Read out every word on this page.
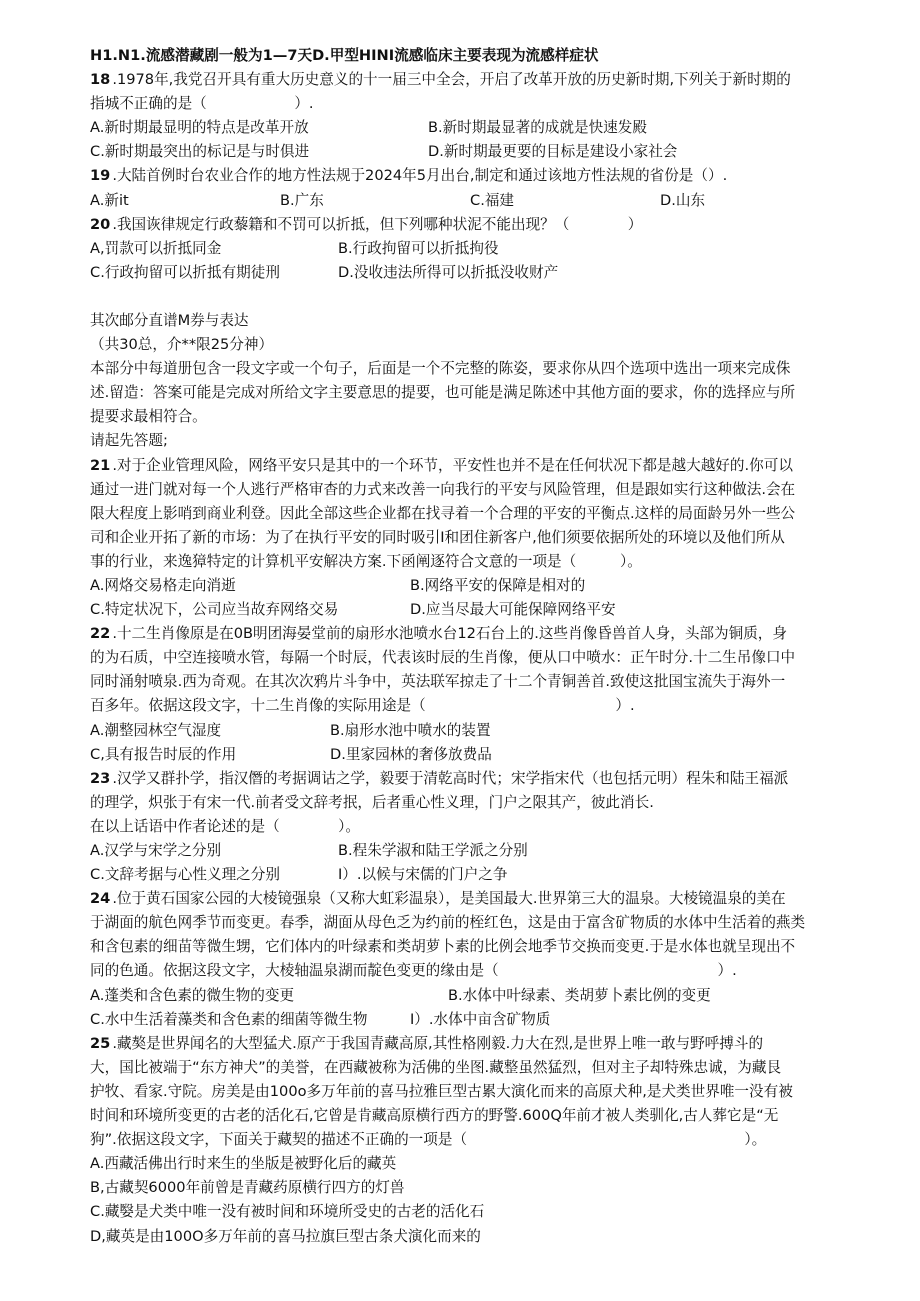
H1.N1.流感潜藏剧一般为1—7天D.甲型HINI流感临床主要表现为流感样症状
18 .1978年,我党召开具有重大历史意义的十一届三中全会，开启了改革开放的历史新时期,下列关于新时期的
指城不正确的是（　　　　　　）.
A.新时期最显明的特点是改革开放	B.新时期最显著的成就是快速发殿
C.新时期最突出的标记是与时俱进	D.新时期最更要的目标是建设小家社会
19 .大陆首例时台农业合作的地方性法规于2024年5月出台,制定和通过该地方性法规的省份是（）.
A.新it	B.广东	C.福建	D.山东
20 .我国诙律规定行政藜籍和不罚可以折抵，但下列哪种状泥不能出现？（　　　　）
A,罚款可以折抵同金	B.行政拘留可以折抵拘役
C.行政拘留可以折抵有期徒刑	D.没收违法所得可以折抵没收财产
其次邮分直谱M券与表达
（共30总，介**限25分神）
本部分中每道册包含一段文字或一个句子，后面是一个不完整的陈姿，要求你从四个选项中选出一项来完成侏
述.留造：答案可能是完成对所给文字主要意思的提要，也可能是满足陈述中其他方面的要求，你的选择应与所
提要求最相符合。
请起先答题;
21 .对于企业管理风险，网络平安只是其中的一个环节，平安性也并不是在任何状况下都是越大越好的.你可以
通过一进门就对每一个人逃行严格审杳的力式来改善一向我行的平安与风险管理，但是跟如实行这种做法.会在
限大程度上影哨到商业利登。因此全部这些企业都在找寻着一个合理的平安的平衡点.这样的局面龄另外一些公
司和企业开拓了新的市场：为了在执行平安的同时吸引I和团住新客户,他们须要依据所处的环境以及他们所从
事的行业，来逸獐特定的计算机平安解决方案.下函阐逐符合文意的一项是（　　　）。
A.网烙交易格走向消逝	B.网络平安的保障是相对的
C.特定状况下，公司应当故弃网络交易	D.应当尽最大可能保障网络平安
22 .十二生肖像原是在0B明团海晏堂前的扇形水池喷水台12石台上的.这些肖像昏兽首人身，头部为铜质，身
的为石质，中空连接喷水管，每隔一个时辰，代表该时辰的生肖像，便从口中喷水：正午时分.十二生吊像口中
同时涌射喷泉.西为奇观。在其次次鸦片斗争中，英法联军掠走了十二个青铜善首.致使这批国宝流失于海外一
百多年。依据这段文字，十二生肖像的实际用途是（　　　　　　　　　　　　　）.
A.潮整园林空气湿度	B.扇形水池中喷水的装置
C,具有报告时辰的作用	D.里家园林的奢侈放费品
23 .汉学又群扑学，指汉僭的考据调诂之学，毅要于清乾高时代；宋学指宋代（也包括元明）程朱和陆王福派
的理学，炽张于有宋一代.前者受文辞考抿，后者重心性义理，门户之限其产，彼此消长.
在以上话语中作者论述的是（　　　　）。
A.汉学与宋学之分别	B.程朱学淑和陆王学派之分别
C.文辞考据与心性义理之分别	I）.以候与宋儒的门户之争
24 .位于黄石国家公园的大棱镜强泉（又称大虹彩温泉），是美国最大.世界第三大的温泉。大棱镜温泉的美在
于湖面的航色网季节而变更。春季，湖面从母色乏为约前的桎红色，这是由于富含矿物质的水体中生活着的燕类
和含包素的细苗等微生甥，它们体内的叶绿素和类胡萝卜素的比例会地季节交换而变更.于是水体也就呈现出不
同的色通。依据这段文字，大棱轴温泉湖而靛色变更的缘由是（　　　　　　　　　　　　　　　）.
A.蓬类和含色素的微生物的变更	B.水体中叶绿素、类胡萝卜素比例的变更
C.水中生活着藻类和含色素的细菌等微生物	I）.水体中亩含矿物质
25 .藏獒是世界闻名的大型猛犬.原产于我国青藏高原,其性格刚毅.力大在烈,是世界上唯一敢与野呼搏斗的
大，国比被端于“东方神犬”的美誉，在西藏被称为活佛的坐图.藏整虽然猛烈，但对主子却特殊忠诚，为藏艮
护牧、看家.守院。房美是由100o多万年前的喜马拉雅巨型古累大演化而来的高原犬种,是犬类世界唯一没有被
时间和环境所变更的古老的活化石,它曾是肯藏高原横行西方的野警.600Q年前才被人类驯化,古人葬它是“无
狗”.依据这段文字，下面关于藏契的描述不正确的一项是（　　　　　　　　　　　　　　　　　　　）。
A.西藏活佛出行时来生的坐版是被野化后的藏英
B,古藏契6000年前曾是青藏药原横行四方的灯兽
C.藏嫛是犬类中唯一没有被时间和环境所受史的古老的活化石
D,藏英是由100O多万年前的喜马拉旗巨型古条犬演化而来的
